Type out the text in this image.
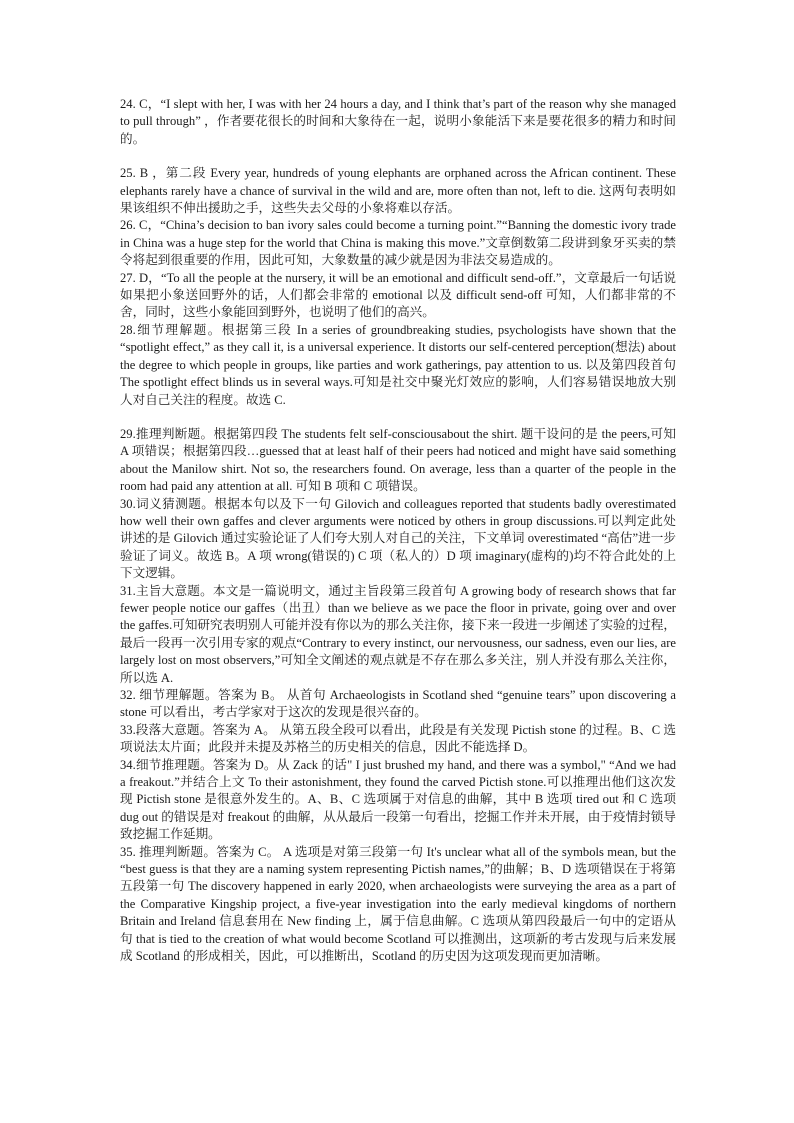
24. C，“I slept with her, I was with her 24 hours a day, and I think that’s part of the reason why she managed to pull through” ，作者要花很长的时间和大象待在一起，说明小象能活下来是要花很多的精力和时间的。

25. B ，第二段 Every year, hundreds of young elephants are orphaned across the African continent. These elephants rarely have a chance of survival in the wild and are, more often than not, left to die. 这两句表明如果该组织不伸出援助之手，这些失去父母的小象将难以存活。

26. C，“China’s decision to ban ivory sales could become a turning point.”“Banning the domestic ivory trade in China was a huge step for the world that China is making this move.”文章倒数第二段讲到象牙买卖的禁令将起到很重要的作用，因此可知，大象数量的减少就是因为非法交易造成的。

27. D，“To all the people at the nursery, it will be an emotional and difficult send-off.”，文章最后一句话说如果把小象送回野外的话，人们都会非常的 emotional 以及 difficult send-off 可知，人们都非常的不舍，同时，这些小象能回到野外，也说明了他们的高兴。

28.细节理解题。根据第三段 In a series of groundbreaking studies, psychologists have shown that the “spotlight effect,” as they call it, is a universal experience. It distorts our self-centered perception(想法) about the degree to which people in groups, like parties and work gatherings, pay attention to us. 以及第四段首句 The spotlight effect blinds us in several ways.可知是社交中聚光灯效应的影响，人们容易错误地放大别人对自己关注的程度。故选 C.

29.推理判断题。根据第四段 The students felt self-consciousabout the shirt. 题干设问的是 the peers,可知 A 项错误；根据第四段…guessed that at least half of their peers had noticed and might have said something about the Manilow shirt. Not so, the researchers found. On average, less than a quarter of the people in the room had paid any attention at all. 可知 B 项和 C 项错误。

30.词义猜测题。根据本句以及下一句 Gilovich and colleagues reported that students badly overestimated how well their own gaffes and clever arguments were noticed by others in group discussions.可以判定此处讲述的是 Gilovich 通过实验论证了人们夸大别人对自己的关注，下文单词 overestimated “高估”进一步验证了词义。故选 B。A 项 wrong(错误的) C 项（私人的）D 项 imaginary(虚构的)均不符合此处的上下文逻辑。

31.主旨大意题。本文是一篇说明文，通过主旨段第三段首句 A growing body of research shows that far fewer people notice our gaffes（出丑）than we believe as we pace the floor in private, going over and over the gaffes.可知研究表明别人可能并没有你以为的那么关注你，接下来一段进一步阐述了实验的过程，最后一段再一次引用专家的观点“Contrary to every instinct, our nervousness, our sadness, even our lies, are largely lost on most observers,”可知全文阐述的观点就是不存在那么多关注，别人并没有那么关注你，所以选 A.

32. 细节理解题。答案为 B。 从首句 Archaeologists in Scotland shed “genuine tears” upon discovering a stone 可以看出，考古学家对于这次的发现是很兴奋的。

33.段落大意题。答案为 A。 从第五段全段可以看出，此段是有关发现 Pictish stone 的过程。B、C 选项说法太片面；此段并未提及苏格兰的历史相关的信息，因此不能选择 D。

34.细节推理题。答案为 D。从 Zack 的话" I just brushed my hand, and there was a symbol," “And we had a freakout.”并结合上文 To their astonishment, they found the carved Pictish stone.可以推理出他们这次发现 Pictish stone 是很意外发生的。A、B、C 选项属于对信息的曲解，其中 B 选项 tired out 和 C 选项 dug out 的错误是对 freakout 的曲解，从从最后一段第一句看出，挖掘工作并未开展，由于疫情封锁导致挖掘工作延期。

35. 推理判断题。答案为 C。 A 选项是对第三段第一句 It's unclear what all of the symbols mean, but the “best guess is that they are a naming system representing Pictish names,”的曲解；B、D 选项错误在于将第五段第一句 The discovery happened in early 2020, when archaeologists were surveying the area as a part of the Comparative Kingship project, a five-year investigation into the early medieval kingdoms of northern Britain and Ireland 信息套用在 New finding 上，属于信息曲解。C 选项从第四段最后一句中的定语从句 that is tied to the creation of what would become Scotland 可以推测出，这项新的考古发现与后来发展成 Scotland 的形成相关，因此，可以推断出，Scotland 的历史因为这项发现而更加清晰。
